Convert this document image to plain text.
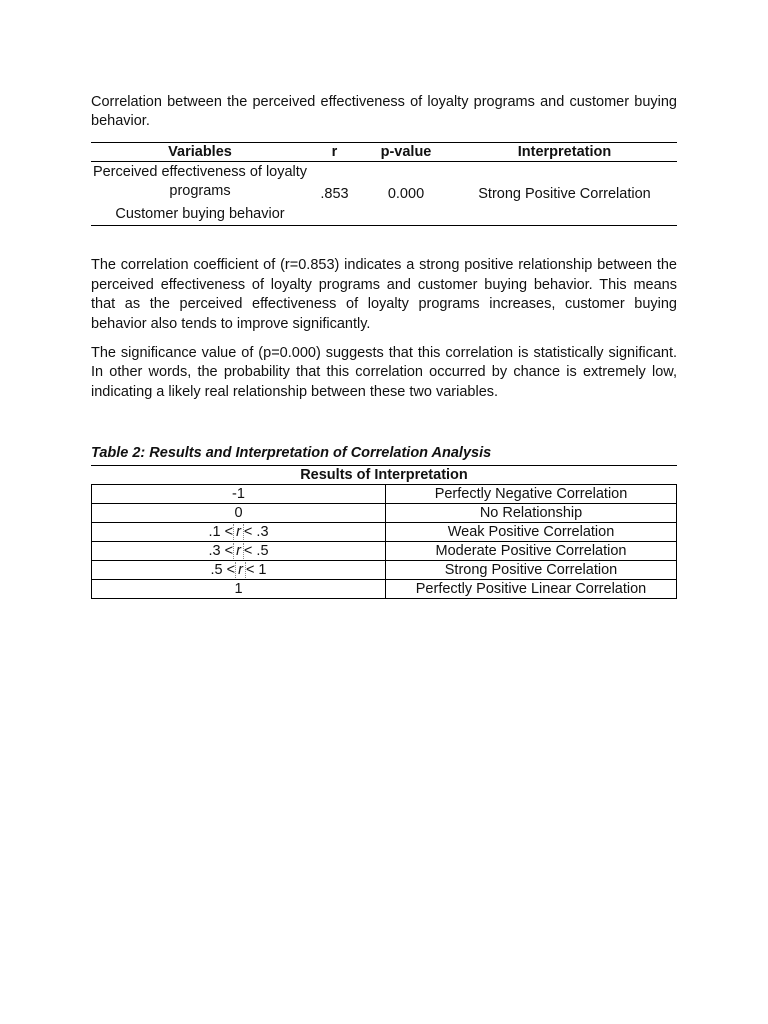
Correlation between the perceived effectiveness of loyalty programs and customer buying behavior.

Variables	r	p-value	Interpretation

Perceived effectiveness of loyalty programs
Customer buying behavior	.853	0.000	Strong Positive Correlation

The correlation coefficient of (r=0.853) indicates a strong positive relationship between the perceived effectiveness of loyalty programs and customer buying behavior. This means that as the perceived effectiveness of loyalty programs increases, customer buying behavior also tends to improve significantly.

The significance value of (p=0.000) suggests that this correlation is statistically significant. In other words, the probability that this correlation occurred by chance is extremely low, indicating a likely real relationship between these two variables.

Table 2: Results and Interpretation of Correlation Analysis
Results of Interpretation
-1	Perfectly Negative Correlation
0	No Relationship
.1 < r < .3	Weak Positive Correlation
.3 < r < .5	Moderate Positive Correlation
.5 < r < 1	Strong Positive Correlation
1	Perfectly Positive Linear Correlation
